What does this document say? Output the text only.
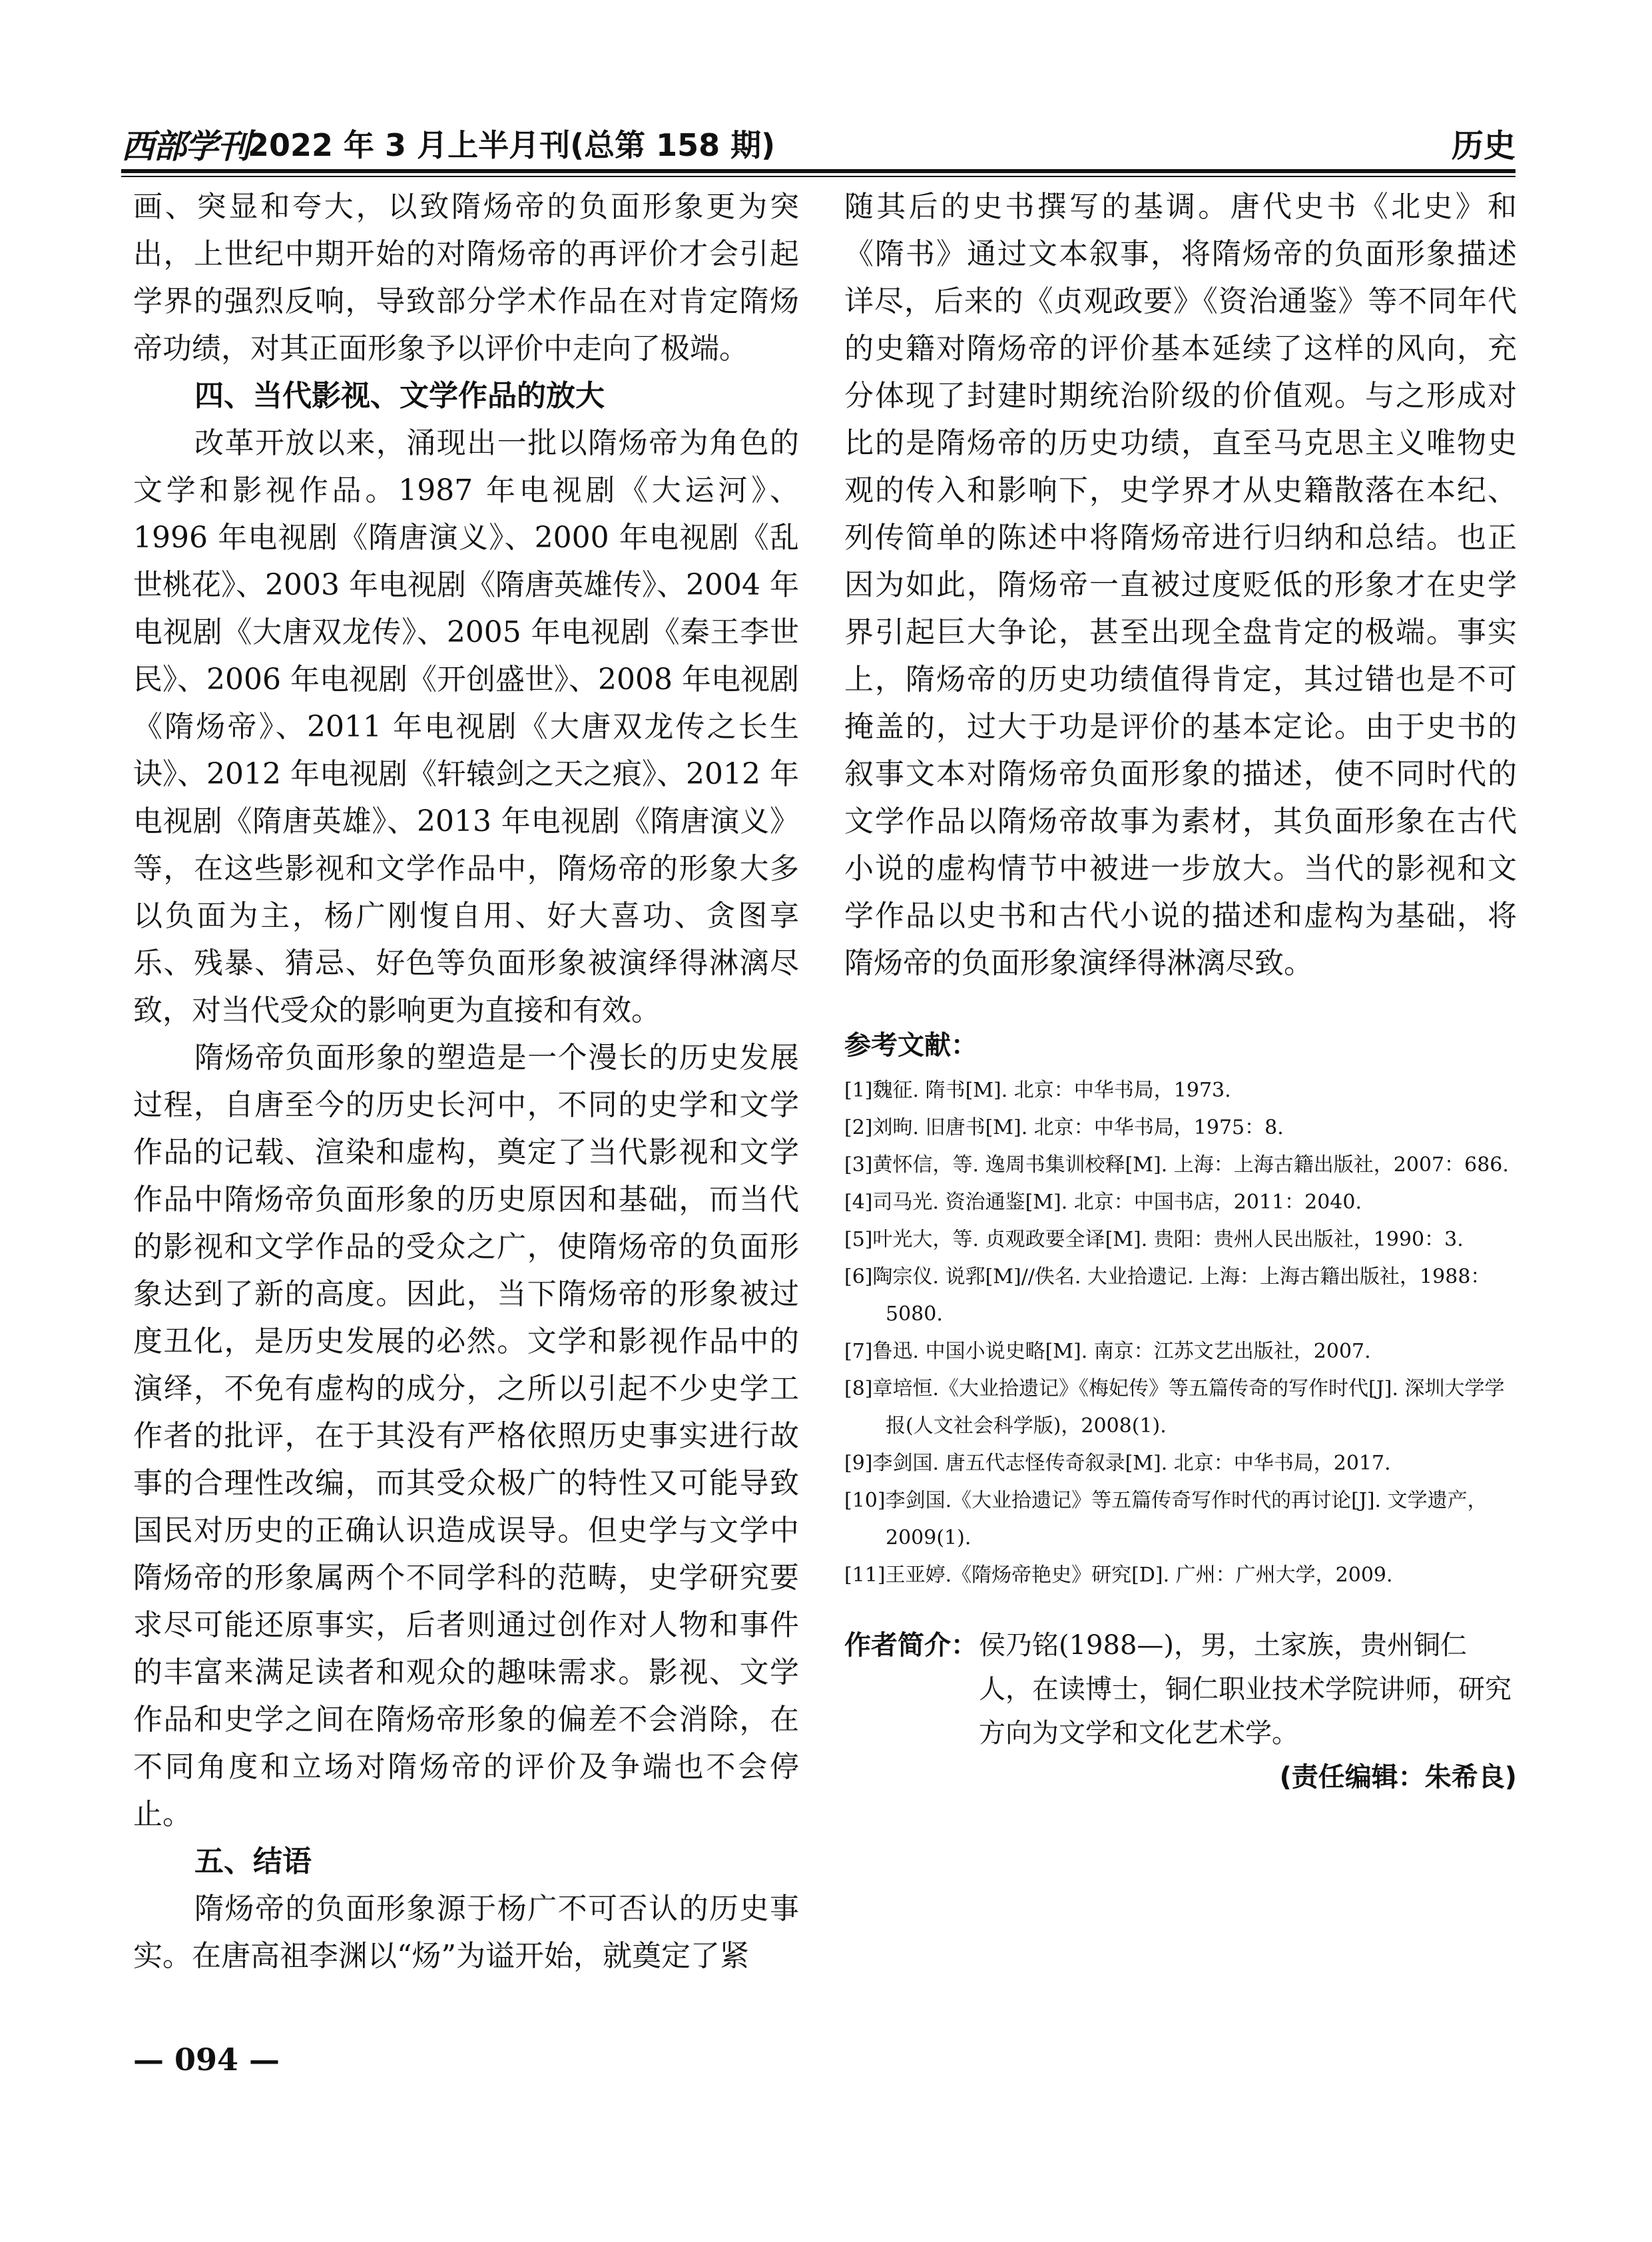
西部学刊
2022 年 3 月上半月刊(总第 158 期)	历史

画、突显和夸大，以致隋炀帝的负面形象更为突出，上世纪中期开始的对隋炀帝的再评价才会引起学界的强烈反响，导致部分学术作品在对肯定隋炀帝功绩，对其正面形象予以评价中走向了极端。

四、当代影视、文学作品的放大

改革开放以来，涌现出一批以隋炀帝为角色的文学和影视作品。1987 年电视剧《大运河》、1996 年电视剧《隋唐演义》、2000 年电视剧《乱世桃花》、2003 年电视剧《隋唐英雄传》、2004 年电视剧《大唐双龙传》、2005 年电视剧《秦王李世民》、2006 年电视剧《开创盛世》、2008 年电视剧《隋炀帝》、2011 年电视剧《大唐双龙传之长生诀》、2012 年电视剧《轩辕剑之天之痕》、2012 年电视剧《隋唐英雄》、2013 年电视剧《隋唐演义》等，在这些影视和文学作品中，隋炀帝的形象大多以负面为主，杨广刚愎自用、好大喜功、贪图享乐、残暴、猜忌、好色等负面形象被演绎得淋漓尽致，对当代受众的影响更为直接和有效。

隋炀帝负面形象的塑造是一个漫长的历史发展过程，自唐至今的历史长河中，不同的史学和文学作品的记载、渲染和虚构，奠定了当代影视和文学作品中隋炀帝负面形象的历史原因和基础，而当代的影视和文学作品的受众之广，使隋炀帝的负面形象达到了新的高度。因此，当下隋炀帝的形象被过度丑化，是历史发展的必然。文学和影视作品中的演绎，不免有虚构的成分，之所以引起不少史学工作者的批评，在于其没有严格依照历史事实进行故事的合理性改编，而其受众极广的特性又可能导致国民对历史的正确认识造成误导。但史学与文学中隋炀帝的形象属两个不同学科的范畴，史学研究要求尽可能还原事实，后者则通过创作对人物和事件的丰富来满足读者和观众的趣味需求。影视、文学作品和史学之间在隋炀帝形象的偏差不会消除，在不同角度和立场对隋炀帝的评价及争端也不会停止。

五、结语

隋炀帝的负面形象源于杨广不可否认的历史事实。在唐高祖李渊以“炀”为谥开始，就奠定了紧

随其后的史书撰写的基调。唐代史书《北史》和《隋书》通过文本叙事，将隋炀帝的负面形象描述详尽，后来的《贞观政要》《资治通鉴》等不同年代的史籍对隋炀帝的评价基本延续了这样的风向，充分体现了封建时期统治阶级的价值观。与之形成对比的是隋炀帝的历史功绩，直至马克思主义唯物史观的传入和影响下，史学界才从史籍散落在本纪、列传简单的陈述中将隋炀帝进行归纳和总结。也正因为如此，隋炀帝一直被过度贬低的形象才在史学界引起巨大争论，甚至出现全盘肯定的极端。事实上，隋炀帝的历史功绩值得肯定，其过错也是不可掩盖的，过大于功是评价的基本定论。由于史书的叙事文本对隋炀帝负面形象的描述，使不同时代的文学作品以隋炀帝故事为素材，其负面形象在古代小说的虚构情节中被进一步放大。当代的影视和文学作品以史书和古代小说的描述和虚构为基础，将隋炀帝的负面形象演绎得淋漓尽致。

参考文献：

[1]魏征. 隋书[M]. 北京：中华书局，1973.

[2]刘昫. 旧唐书[M]. 北京：中华书局，1975：8.

[3]黄怀信，等. 逸周书集训校释[M]. 上海：上海古籍出版社，2007：686.

[4]司马光. 资治通鉴[M]. 北京：中国书店，2011：2040.

[5]叶光大，等. 贞观政要全译[M]. 贵阳：贵州人民出版社，1990：3.

[6]陶宗仪. 说郛[M]//佚名. 大业拾遗记. 上海：上海古籍出版社，1988：5080.

[7]鲁迅. 中国小说史略[M]. 南京：江苏文艺出版社，2007.

[8]章培恒.《大业拾遗记》《梅妃传》等五篇传奇的写作时代[J]. 深圳大学学报(人文社会科学版)，2008(1).

[9]李剑国. 唐五代志怪传奇叙录[M]. 北京：中华书局，2017.

[10]李剑国.《大业拾遗记》等五篇传奇写作时代的再讨论[J]. 文学遗产，2009(1).

[11]王亚婷.《隋炀帝艳史》研究[D]. 广州：广州大学，2009.

作者简介： 侯乃铭(1988—)，男，土家族，贵州铜仁人，在读博士，铜仁职业技术学院讲师，研究方向为文学和文化艺术学。
(责任编辑：朱希良)
— 094 —
